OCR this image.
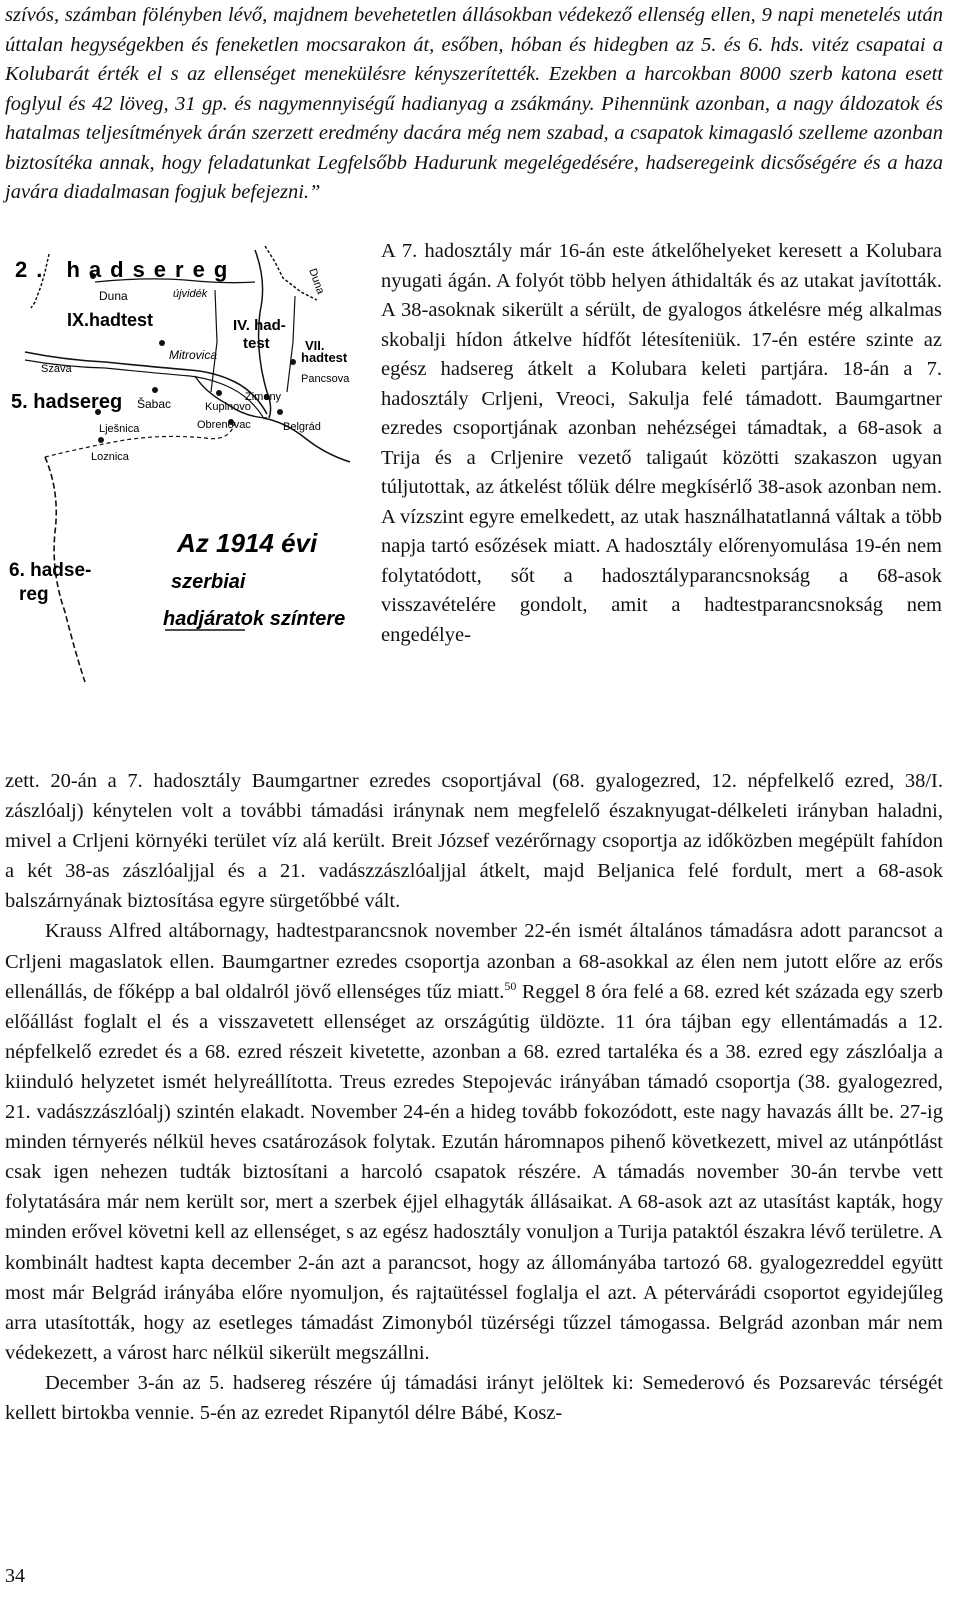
szívós, számban fölényben lévő, majdnem bevehetetlen állásokban védekező ellenség ellen, 9 napi menetelés után úttalan hegységekben és feneketlen mocsarakon át, esőben, hóban és hidegben az 5. és 6. hds. vitéz csapatai a Kolubarát érték el s az ellenséget menekülésre kényszerítették. Ezekben a harcokban 8000 szerb katona esett foglyul és 42 löveg, 31 gp. és nagymennyiségű hadianyag a zsákmány. Pihennünk azonban, a nagy áldozatok és hatalmas teljesítmények árán szerzett eredmény dacára még nem szabad, a csapatok kimagasló szelleme azonban biztosítéka annak, hogy feladatunkat Legfelsőbb Hadurunk megelégedésére, hadseregeink dicsőségére és a haza javára diadalmasan fogjuk befejezni.”

2. hadsereg	Duna
újvidék
Duna
IX.hadtest	IV. had-
test	VII.
hadtest
Mitrovica
Pancsova
Száva
Zimony
5. hadsereg
Belgrád
Šabac	Kupinovo
Obrenovac
Lješnica
Loznica
Az 1914 évi
szerbiai
hadjáratok színtere
6. hadse-
reg

A 7. hadosztály már 16-án este átkelőhelyeket keresett a Kolubara nyugati ágán. A folyót több helyen áthidalták és az utakat javították. A 38-asoknak sikerült a sérült, de gyalogos átkelésre még alkalmas skobalji hídon átkelve hídfőt létesíteniük. 17-én estére szinte az egész hadsereg átkelt a Kolubara keleti partjára. 18-án a 7. hadosztály Crljeni, Vreoci, Sakulja felé támadott. Baumgartner ezredes csoportjának azonban nehézségei támadtak, a 68-asok a Trija és a Crljenire vezető taligaút közötti szakaszon ugyan túljutottak, az átkelést tőlük délre megkísérlő 38-asok azonban nem. A vízszint egyre emelkedett, az utak használhatatlanná váltak a több napja tartó esőzések miatt. A hadosztály előrenyomulása 19-én nem folytatódott, sőt a hadosztályparancsnokság a 68-asok visszavételére gondolt, amit a hadtestparancsnokság nem engedélye-

zett. 20-án a 7. hadosztály Baumgartner ezredes csoportjával (68. gyalogezred, 12. népfelkelő ezred, 38/I. zászlóalj) kénytelen volt a további támadási iránynak nem megfelelő északnyugat-délkeleti irányban haladni, mivel a Crljeni környéki terület víz alá került. Breit József vezérőrnagy csoportja az időközben megépült fahídon a két 38-as zászlóaljjal és a 21. vadászzászlóaljjal átkelt, majd Beljanica felé fordult, mert a 68-asok balszárnyának biztosítása egyre sürgetőbbé vált.

Krauss Alfred altábornagy, hadtestparancsnok november 22-én ismét általános támadásra adott parancsot a Crljeni magaslatok ellen. Baumgartner ezredes csoportja azonban a 68-asokkal az élen nem jutott előre az erős ellenállás, de főképp a bal oldalról jövő ellenséges tűz miatt.$^{50}$ Reggel 8 óra felé a 68. ezred két százada egy szerb előállást foglalt el és a visszavetett ellenséget az országútig üldözte. 11 óra tájban egy ellentámadás a 12. népfelkelő ezredet és a 68. ezred részeit kivetette, azonban a 68. ezred tartaléka és a 38. ezred egy zászlóalja a kiinduló helyzetet ismét helyreállította. Treus ezredes Stepojevác irányában támadó csoportja (38. gyalogezred, 21. vadászzászlóalj) szintén elakadt. November 24-én a hideg tovább fokozódott, este nagy havazás állt be. 27-ig minden térnyerés nélkül heves csatározások folytak. Ezután háromnapos pihenő következett, mivel az utánpótlást csak igen nehezen tudták biztosítani a harcoló csapatok részére. A támadás november 30-án tervbe vett folytatására már nem került sor, mert a szerbek éjjel elhagyták állásaikat. A 68-asok azt az utasítást kapták, hogy minden erővel követni kell az ellenséget, s az egész hadosztály vonuljon a Turija pataktól északra lévő területre. A kombinált hadtest kapta december 2-án azt a parancsot, hogy az állományába tartozó 68. gyalogezreddel együtt most már Belgrád irányába előre nyomuljon, és rajtaütéssel foglalja el azt. A pétervárádi csoportot egyidejűleg arra utasították, hogy az esetleges támadást Zimonyból tüzérségi tűzzel támogassa. Belgrád azonban már nem védekezett, a várost harc nélkül sikerült megszállni.

December 3-án az 5. hadsereg részére új támadási irányt jelöltek ki: Semederovó és Pozsarevác térségét kellett birtokba vennie. 5-én az ezredet Ripanytól délre Bábé, Kosz-

34
